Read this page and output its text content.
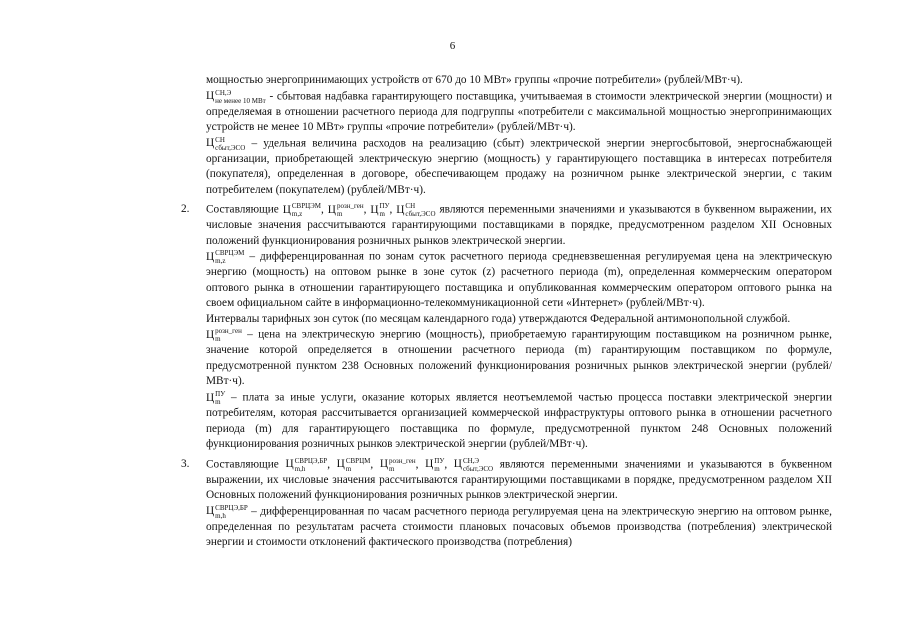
6

мощностью энергопринимающих устройств от 670 до 10 МВт» группы «прочие потребители» (рублей/МВт·ч).

Ц СН,Э
не менее 10 МВт - сбытовая надбавка гарантирующего поставщика, учитываемая в стоимости электрической энергии (мощности) и определяемая в отношении расчетного периода для подгруппы «потребители с максимальной мощностью энергопринимающих устройств не менее 10 МВт» группы «прочие потребители» (рублей/МВт·ч).

Ц СН
сбыт,ЭСО – удельная величина расходов на реализацию (сбыт) электрической энергии энергосбытовой, энергоснабжающей организации, приобретающей электрическую энергию (мощность) у гарантирующего поставщика в интересах потребителя (покупателя), определенная в договоре, обеспечивающем продажу на розничном рынке электрической энергии, с таким потребителем (покупателем) (рублей/МВт·ч).

2. Составляющие Ц СВРЦЭМ
m,z	, Ц розн_ген
m	, Ц ПУ
m , Ц СН
сбыт,ЭСО являются переменными значениями и указываются в буквенном выражении, их числовые значения рассчитываются гарантирующими поставщиками в порядке, предусмотренном разделом XII Основных положений функционирования розничных рынков электрической энергии.

Ц СВРЦЭМ
m,z	– дифференцированная по зонам суток расчетного периода средневзвешенная регулируемая цена на электрическую энергию (мощность) на оптовом рынке в зоне суток (z) расчетного периода (m), определенная коммерческим оператором оптового рынка в отношении гарантирующего поставщика и опубликованная коммерческим оператором оптового рынка на своем официальном сайте в информационно-телекоммуникационной сети «Интернет» (рублей/МВт·ч).

Интервалы тарифных зон суток (по месяцам календарного года) утверждаются Федеральной антимонопольной службой.

Ц розн_ген
m	– цена на электрическую энергию (мощность), приобретаемую гарантирующим поставщиком на розничном рынке, значение которой определяется в отношении расчетного периода (m) гарантирующим поставщиком по формуле, предусмотренной пунктом 238 Основных положений функционирования розничных рынков электрической энергии (рублей/МВт·ч).

Ц ПУ
m – плата за иные услуги, оказание которых является неотъемлемой частью процесса поставки электрической энергии потребителям, которая рассчитывается организацией коммерческой инфраструктуры оптового рынка в отношении расчетного периода (m) для гарантирующего поставщика по формуле, предусмотренной пунктом 248 Основных положений функционирования розничных рынков электрической энергии (рублей/МВт·ч).

3. Составляющие Ц СВРЦЭ,БР
m,h	, Ц СВРЦМ
m	, Ц розн_ген
m	, Ц ПУ
m , Ц СН,Э
сбыт,ЭСО являются переменными значениями и указываются в буквенном выражении, их числовые значения рассчитываются гарантирующими поставщиками в порядке, предусмотренном разделом XII Основных положений функционирования розничных рынков электрической энергии.

Ц СВРЦЭ,БР
m,h	– дифференцированная по часам расчетного периода регулируемая цена на электрическую энергию на оптовом рынке, определенная по результатам расчета стоимости плановых почасовых объемов производства (потребления) электрической энергии и стоимости отклонений фактического производства (потребления)
